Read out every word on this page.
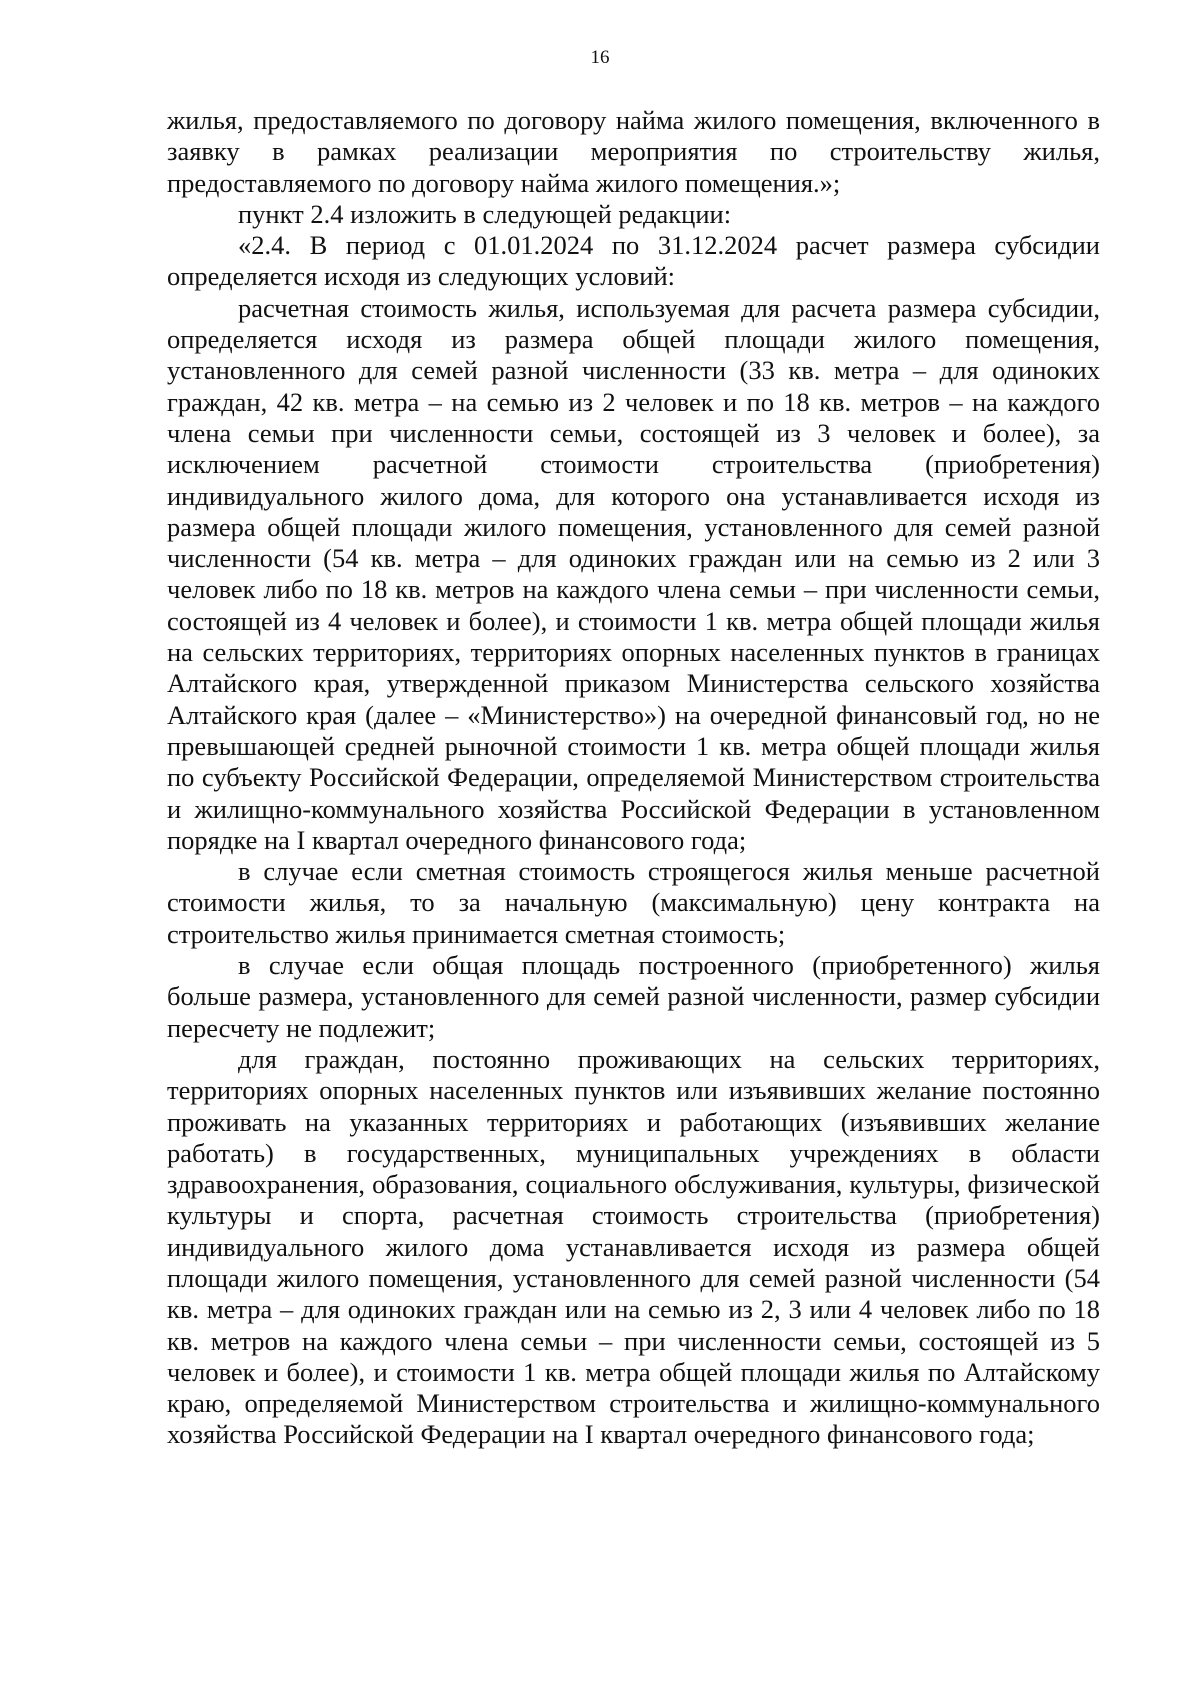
16

жилья, предоставляемого по договору найма жилого помещения, включенного в заявку в рамках реализации мероприятия по строительству жилья, предоставляемого по договору найма жилого помещения.»;

пункт 2.4 изложить в следующей редакции:

«2.4. В период с 01.01.2024 по 31.12.2024 расчет размера субсидии определяется исходя из следующих условий:

расчетная стоимость жилья, используемая для расчета размера субсидии, определяется исходя из размера общей площади жилого помещения, установленного для семей разной численности (33 кв. метра – для одиноких граждан, 42 кв. метра – на семью из 2 человек и по 18 кв. метров – на каждого члена семьи при численности семьи, состоящей из 3 человек и более), за исключением расчетной стоимости строительства (приобретения) индивидуального жилого дома, для которого она устанавливается исходя из размера общей площади жилого помещения, установленного для семей разной численности (54 кв. метра – для одиноких граждан или на семью из 2 или 3 человек либо по 18 кв. метров на каждого члена семьи – при численности семьи, состоящей из 4 человек и более), и стоимости 1 кв. метра общей площади жилья на сельских территориях, территориях опорных населенных пунктов в границах Алтайского края, утвержденной приказом Министерства сельского хозяйства Алтайского края (далее – «Министерство») на очередной финансовый год, но не превышающей средней рыночной стоимости 1 кв. метра общей площади жилья по субъекту Российской Федерации, определяемой Министерством строительства и жилищно-коммунального хозяйства Российской Федерации в установленном порядке на I квартал очередного финансового года;

в случае если сметная стоимость строящегося жилья меньше расчетной стоимости жилья, то за начальную (максимальную) цену контракта на строительство жилья принимается сметная стоимость;

в случае если общая площадь построенного (приобретенного) жилья больше размера, установленного для семей разной численности, размер субсидии пересчету не подлежит;

для граждан, постоянно проживающих на сельских территориях, территориях опорных населенных пунктов или изъявивших желание постоянно проживать на указанных территориях и работающих (изъявивших желание работать) в государственных, муниципальных учреждениях в области здравоохранения, образования, социального обслуживания, культуры, физической культуры и спорта, расчетная стоимость строительства (приобретения) индивидуального жилого дома устанавливается исходя из размера общей площади жилого помещения, установленного для семей разной численности (54 кв. метра – для одиноких граждан или на семью из 2, 3 или 4 человек либо по 18 кв. метров на каждого члена семьи – при численности семьи, состоящей из 5 человек и более), и стоимости 1 кв. метра общей площади жилья по Алтайскому краю, определяемой Министерством строительства и жилищно-коммунального хозяйства Российской Федерации на I квартал очередного финансового года;
